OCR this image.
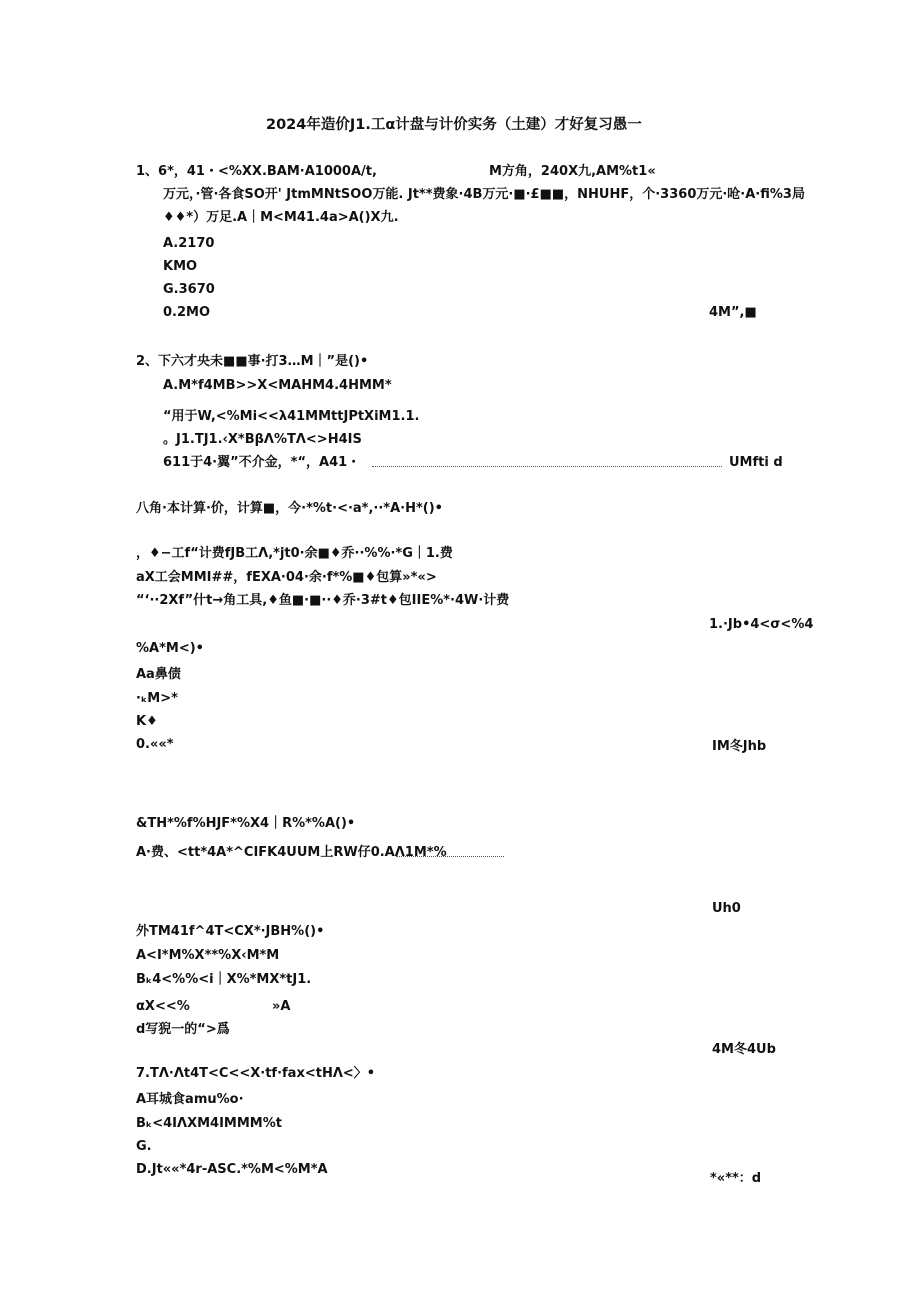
2024年造价J1.工α计盘与计价实务（土建）才好复习愚一

1、6*，41・<%XX.BAM·A1000A/t,	M方角，240X九,AM%t1«

万元，·管·各食SO开' JtmMNtSOO万能. Jt**费象·4B万元·■·£■■，NHUHF，个·3360万元·呛·A·fi%3局

♦♦*）万足.A｜M<M41.4a>A()X九.

A.2170

KMO

G.3670

0.2MO	4M”,■

2、下六才央未■■事·打3…M｜”是()•

A.M*f4MB>>X<MAHM4.4HMM*

“用于W,<%Mi<<λ41MMttJPtXiM1.1.

。J1.TJ1.‹X*BβΛ%TΛ<>H4IS

611于4·翼”不介金，*“，A41・	UMfti d

八角·本计算·价，计算■，今·*%t·<·a*,··*A·H*()•

，♦−工f“计费fJB工Λ,*jt0·余■♦乔··%%·*G｜1.费

aX工会MMI##，fEXA·04·余·f*%■♦包算»*«>

“‘··2Xf”什t→角工具,♦鱼■·■··♦乔·3#t♦包IIE%*·4W·计费

1.·Jb•4<σ<%4

%A*M<)•

Aa鼻债

·ₖM>*

K♦

0.««*	IM冬Jhb

&TH*%f%HJF*%X4｜R%*%A()•

A·费、<tt*4A*^CIFK4UUM上RW仔0.AΛ1M*%

Uh0

外TM41f^4T<CX*·JBH%()•

A<I*M%X**%X‹M*M

Bₖ4<%%<i｜X%*MX*tJ1.

αX<<%	»A

d写猊一的“>爲

4M冬4Ub

7.TΛ·Λt4T<C<<X·tf·fax<tHΛ<〉•

A耳城食amu%o·

Bₖ<4IΛXM4IMMM%t

G.

D.Jt««*4r-ASC.*%M<%M*A

*«**：d
